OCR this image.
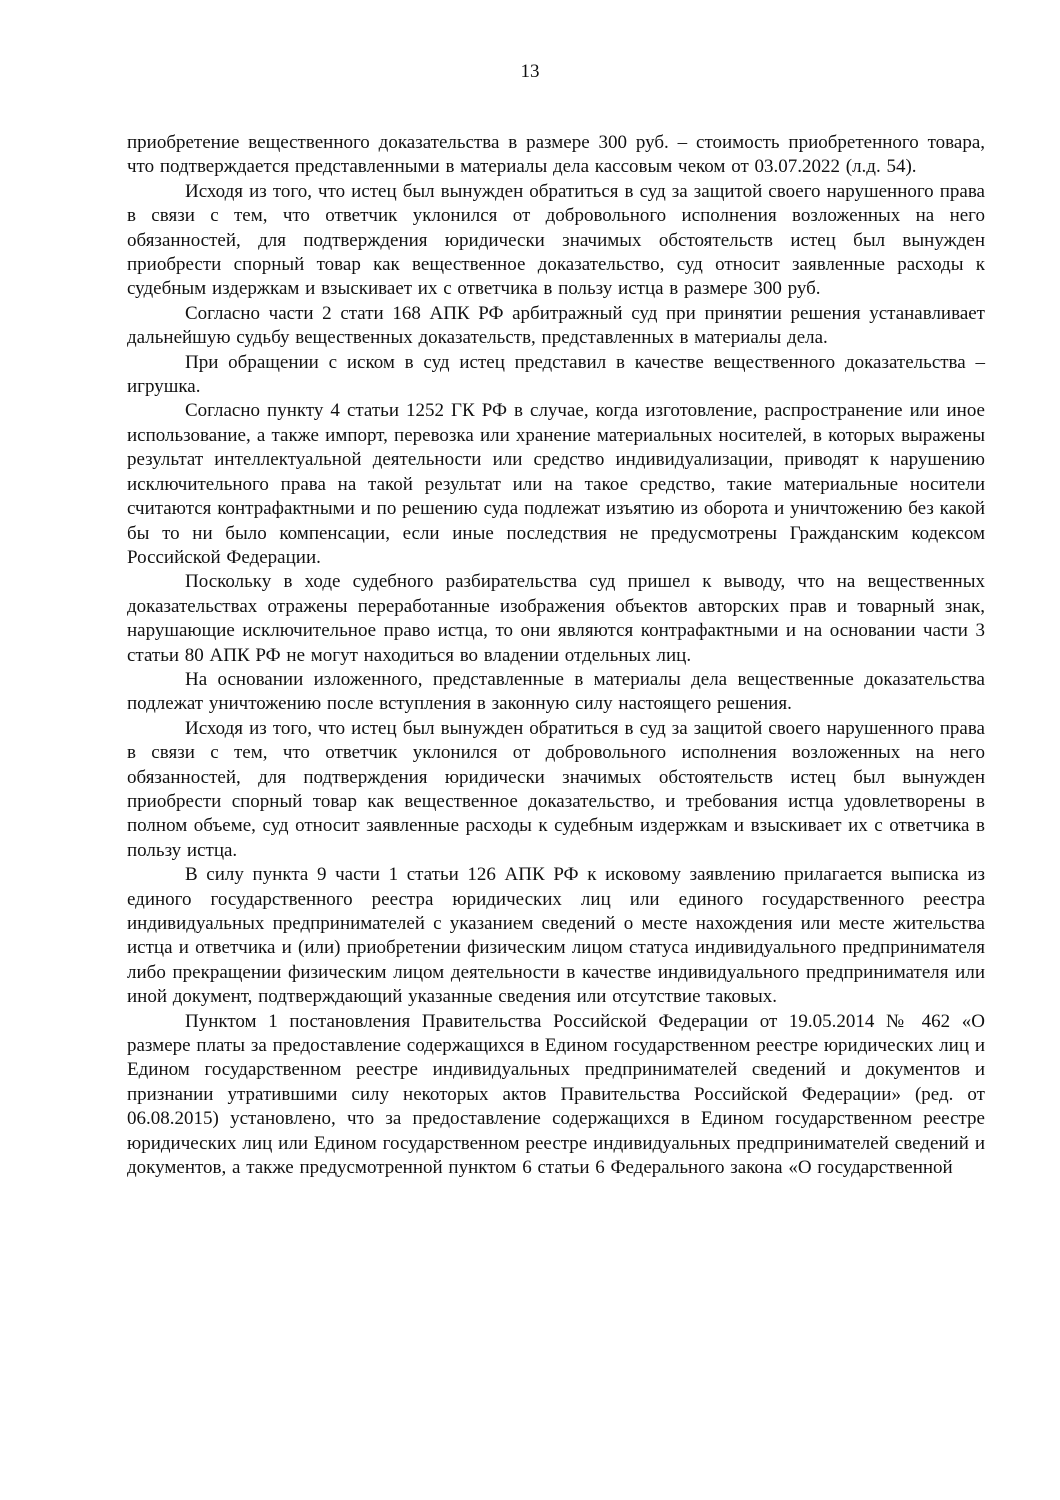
13

приобретение вещественного доказательства в размере 300 руб. – стоимость приобретенного товара, что подтверждается представленными в материалы дела кассовым чеком от 03.07.2022 (л.д. 54).

Исходя из того, что истец был вынужден обратиться в суд за защитой своего нарушенного права в связи с тем, что ответчик уклонился от добровольного исполнения возложенных на него обязанностей, для подтверждения юридически значимых обстоятельств истец был вынужден приобрести спорный товар как вещественное доказательство, суд относит заявленные расходы к судебным издержкам и взыскивает их с ответчика в пользу истца в размере 300 руб.

Согласно части 2 стати 168 АПК РФ арбитражный суд при принятии решения устанавливает дальнейшую судьбу вещественных доказательств, представленных в материалы дела.

При обращении с иском в суд истец представил в качестве вещественного доказательства – игрушка.

Согласно пункту 4 статьи 1252 ГК РФ в случае, когда изготовление, распространение или иное использование, а также импорт, перевозка или хранение материальных носителей, в которых выражены результат интеллектуальной деятельности или средство индивидуализации, приводят к нарушению исключительного права на такой результат или на такое средство, такие материальные носители считаются контрафактными и по решению суда подлежат изъятию из оборота и уничтожению без какой бы то ни было компенсации, если иные последствия не предусмотрены Гражданским кодексом Российской Федерации.

Поскольку в ходе судебного разбирательства суд пришел к выводу, что на вещественных доказательствах отражены переработанные изображения объектов авторских прав и товарный знак, нарушающие исключительное право истца, то они являются контрафактными и на основании части 3 статьи 80 АПК РФ не могут находиться во владении отдельных лиц.

На основании изложенного, представленные в материалы дела вещественные доказательства подлежат уничтожению после вступления в законную силу настоящего решения.

Исходя из того, что истец был вынужден обратиться в суд за защитой своего нарушенного права в связи с тем, что ответчик уклонился от добровольного исполнения возложенных на него обязанностей, для подтверждения юридически значимых обстоятельств истец был вынужден приобрести спорный товар как вещественное доказательство, и требования истца удовлетворены в полном объеме, суд относит заявленные расходы к судебным издержкам и взыскивает их с ответчика в пользу истца.

В силу пункта 9 части 1 статьи 126 АПК РФ к исковому заявлению прилагается выписка из единого государственного реестра юридических лиц или единого государственного реестра индивидуальных предпринимателей с указанием сведений о месте нахождения или месте жительства истца и ответчика и (или) приобретении физическим лицом статуса индивидуального предпринимателя либо прекращении физическим лицом деятельности в качестве индивидуального предпринимателя или иной документ, подтверждающий указанные сведения или отсутствие таковых.

Пунктом 1 постановления Правительства Российской Федерации от 19.05.2014 № 462 «О размере платы за предоставление содержащихся в Едином государственном реестре юридических лиц и Едином государственном реестре индивидуальных предпринимателей сведений и документов и признании утратившими силу некоторых актов Правительства Российской Федерации» (ред. от 06.08.2015) установлено, что за предоставление содержащихся в Едином государственном реестре юридических лиц или Едином государственном реестре индивидуальных предпринимателей сведений и документов, а также предусмотренной пунктом 6 статьи 6 Федерального закона «О государственной
